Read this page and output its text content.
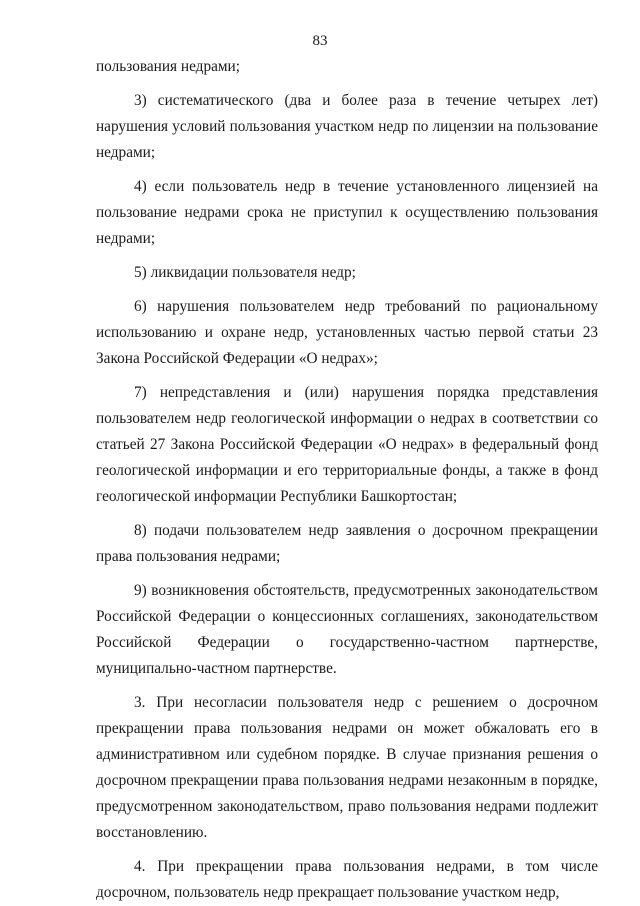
83

пользования недрами;

3) систематического (два и более раза в течение четырех лет) нарушения условий пользования участком недр по лицензии на пользование недрами;

4) если пользователь недр в течение установленного лицензией на пользование недрами срока не приступил к осуществлению пользования недрами;

5) ликвидации пользователя недр;

6) нарушения пользователем недр требований по рациональному использованию и охране недр, установленных частью первой статьи 23 Закона Российской Федерации «О недрах»;

7) непредставления и (или) нарушения порядка представления пользователем недр геологической информации о недрах в соответствии со статьей 27 Закона Российской Федерации «О недрах» в федеральный фонд геологической информации и его территориальные фонды, а также в фонд геологической информации Республики Башкортостан;

8) подачи пользователем недр заявления о досрочном прекращении права пользования недрами;

9) возникновения обстоятельств, предусмотренных законодательством Российской Федерации о концессионных соглашениях, законодательством Российской Федерации о государственно-частном партнерстве, муниципально-частном партнерстве.

3. При несогласии пользователя недр с решением о досрочном прекращении права пользования недрами он может обжаловать его в административном или судебном порядке. В случае признания решения о досрочном прекращении права пользования недрами незаконным в порядке, предусмотренном законодательством, право пользования недрами подлежит восстановлению.

4. При прекращении права пользования недрами, в том числе досрочном, пользователь недр прекращает пользование участком недр,
